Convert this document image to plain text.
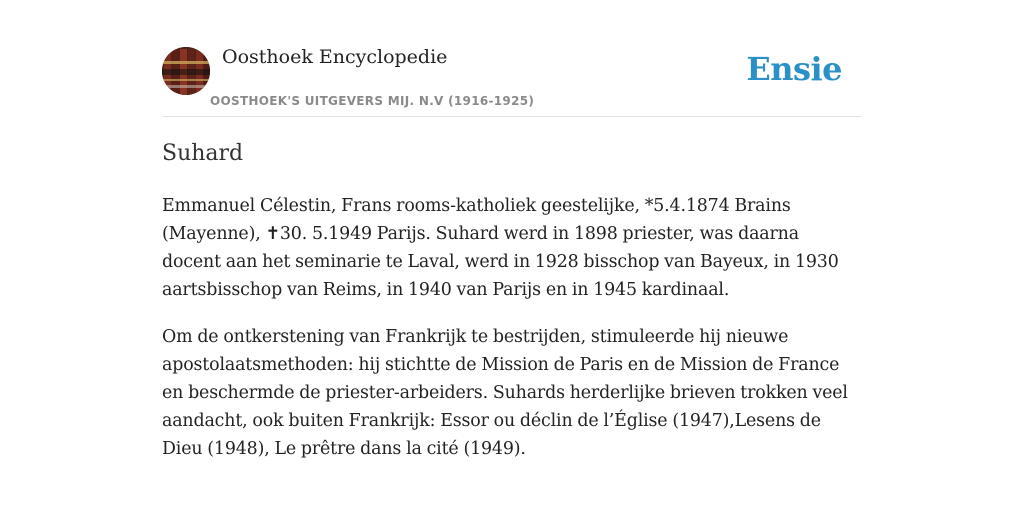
Oosthoek Encyclopedie
OOSTHOEK'S UITGEVERS MIJ. N.V (1916-1925)
Ensie
Suhard

Emmanuel Célestin, Frans rooms-katholiek geestelijke, *5.4.1874 Brains (Mayenne), ✝30. 5.1949 Parijs. Suhard werd in 1898 priester, was daarna docent aan het seminarie te Laval, werd in 1928 bisschop van Bayeux, in 1930 aartsbisschop van Reims, in 1940 van Parijs en in 1945 kardinaal.

Om de ontkerstening van Frankrijk te bestrijden, stimuleerde hij nieuwe apostolaatsmethoden: hij stichtte de Mission de Paris en de Mission de France en beschermde de priester-arbeiders. Suhards herderlijke brieven trokken veel aandacht, ook buiten Frankrijk: Essor ou déclin de l’Église (1947),Lesens de Dieu (1948), Le prêtre dans la cité (1949).
